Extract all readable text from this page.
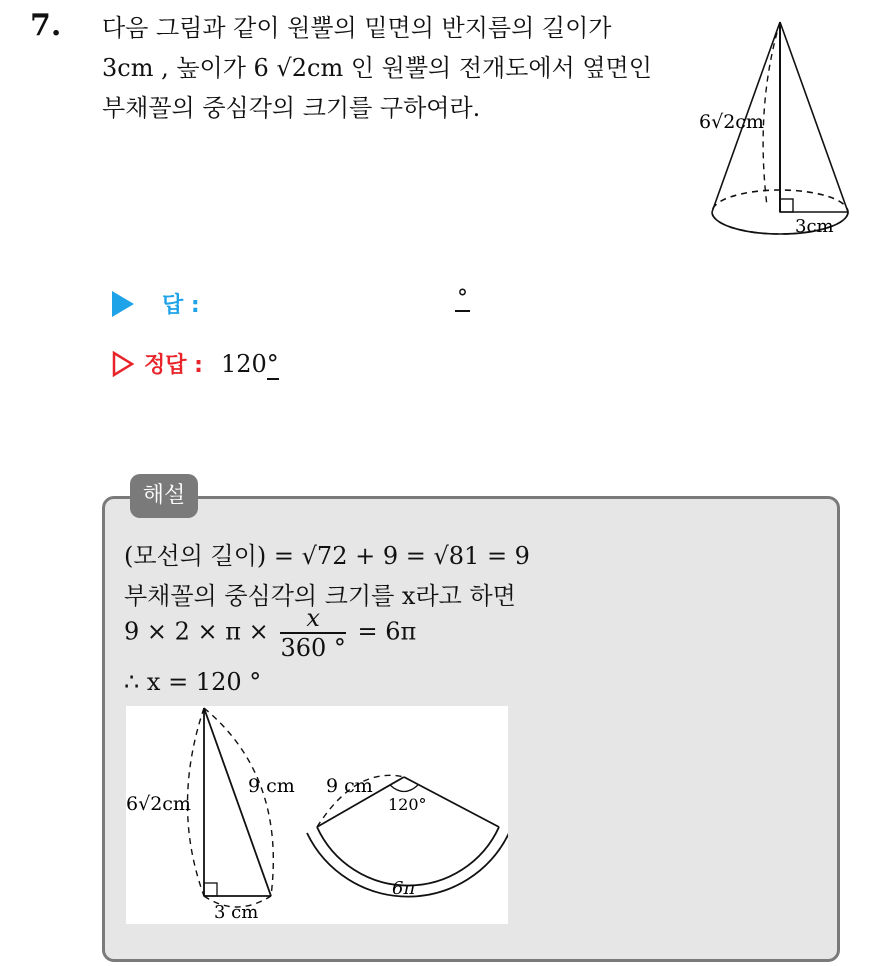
7. 다음 그림과 같이 원뿔의 밑면의 반지름의 길이가
3cm , 높이가 6 √2cm 인 원뿔의 전개도에서 옆면인
부채꼴의 중심각의 크기를 구하여라.	6√2cm
3cm
답 :	°
정답 : 120°
해설
(모선의 길이) = √72 + 9 = √81 = 9
부채꼴의 중심각의 크기를 x라고 하면
$9 \times 2 \times \pi \times \frac{x}{360 ^\circ} = 6\pi$
∴ x = 120 °
6√2cm
9 cm
3 cm
9 cm
120°
6π
